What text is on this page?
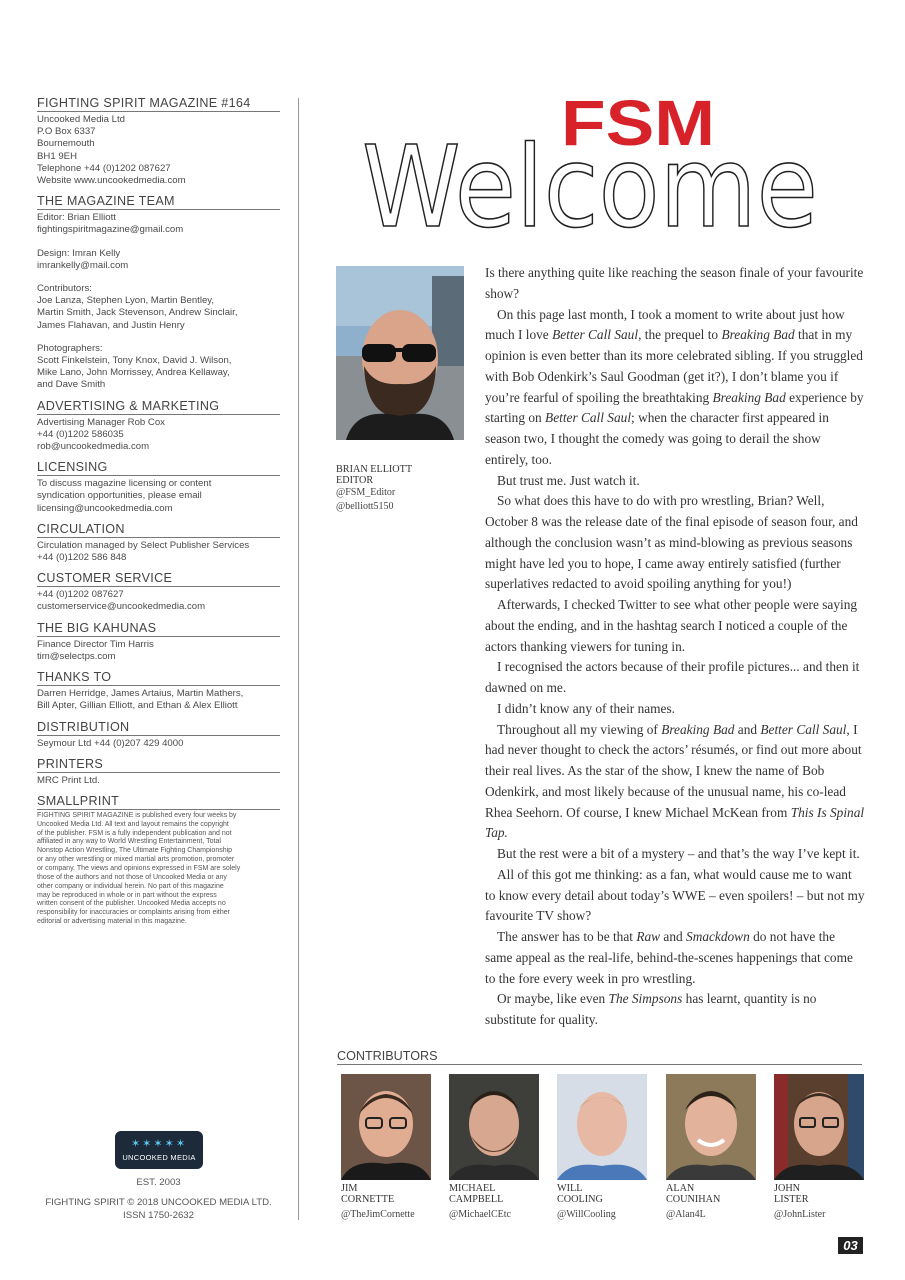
FIGHTING SPIRIT MAGAZINE #164
Uncooked Media Ltd
P.O Box 6337
Bournemouth
BH1 9EH
Telephone +44 (0)1202 087627
Website www.uncookedmedia.com
THE MAGAZINE TEAM
Editor: Brian Elliott
fightingspiritmagazine@gmail.com
Design: Imran Kelly
imrankelly@mail.com
Contributors:
Joe Lanza, Stephen Lyon, Martin Bentley,
Martin Smith, Jack Stevenson, Andrew Sinclair,
James Flahavan, and Justin Henry
Photographers:
Scott Finkelstein, Tony Knox, David J. Wilson,
Mike Lano, John Morrissey, Andrea Kellaway,
and Dave Smith
ADVERTISING & MARKETING
Advertising Manager Rob Cox
+44 (0)1202 586035
rob@uncookedmedia.com
LICENSING
To discuss magazine licensing or content
syndication opportunities, please email
licensing@uncookedmedia.com
CIRCULATION
Circulation managed by Select Publisher Services
+44 (0)1202 586 848
CUSTOMER SERVICE
+44 (0)1202 087627
customerservice@uncookedmedia.com
THE BIG KAHUNAS
Finance Director Tim Harris
tim@selectps.com
THANKS TO
Darren Herridge, James Artaius, Martin Mathers,
Bill Apter, Gillian Elliott, and Ethan & Alex Elliott
DISTRIBUTION
Seymour Ltd +44 (0)207 429 4000
PRINTERS
MRC Print Ltd.
SMALLPRINT
FIGHTING SPIRIT MAGAZINE is published every four weeks by
Uncooked Media Ltd. All text and layout remains the copyright
of the publisher. FSM is a fully independent publication and not
affiliated in any way to World Wrestling Entertainment, Total
Nonstop Action Wrestling, The Ultimate Fighting Championship
or any other wrestling or mixed martial arts promotion, promoter
or company. The views and opinions expressed in FSM are solely
those of the authors and not those of Uncooked Media or any
other company or individual herein. No part of this magazine
may be reproduced in whole or in part without the express
written consent of the publisher. Uncooked Media accepts no
responsibility for inaccuracies or complaints arising from either
editorial or advertising material in this magazine.
✶✶✶✶✶
UNCOOKED MEDIA
EST. 2003
FIGHTING SPIRIT © 2018 UNCOOKED MEDIA LTD.
ISSN 1750-2632
FSM
Welcome
BRIAN ELLIOTT
EDITOR
@FSM_Editor
@belliott5150

Is there anything quite like reaching the season finale of your favourite show?

On this page last month, I took a moment to write about just how much I love Better Call Saul, the prequel to Breaking Bad that in my opinion is even better than its more celebrated sibling. If you struggled with Bob Odenkirk’s Saul Goodman (get it?), I don’t blame you if you’re fearful of spoiling the breathtaking Breaking Bad experience by starting on Better Call Saul; when the character first appeared in season two, I thought the comedy was going to derail the show entirely, too.

But trust me. Just watch it.

So what does this have to do with pro wrestling, Brian? Well, October 8 was the release date of the final episode of season four, and although the conclusion wasn’t as mind-blowing as previous seasons might have led you to hope, I came away entirely satisfied (further superlatives redacted to avoid spoiling anything for you!)

Afterwards, I checked Twitter to see what other people were saying about the ending, and in the hashtag search I noticed a couple of the actors thanking viewers for tuning in.

I recognised the actors because of their profile pictures... and then it dawned on me.

I didn’t know any of their names.

Throughout all my viewing of Breaking Bad and Better Call Saul, I had never thought to check the actors’ résumés, or find out more about their real lives. As the star of the show, I knew the name of Bob Odenkirk, and most likely because of the unusual name, his co-lead Rhea Seehorn. Of course, I knew Michael McKean from This Is Spinal Tap.

But the rest were a bit of a mystery – and that’s the way I’ve kept it.

All of this got me thinking: as a fan, what would cause me to want to know every detail about today’s WWE – even spoilers! – but not my favourite TV show?

The answer has to be that Raw and Smackdown do not have the same appeal as the real-life, behind-the-scenes happenings that come to the fore every week in pro wrestling.

Or maybe, like even The Simpsons has learnt, quantity is no substitute for quality.

CONTRIBUTORS
JIM
CORNETTE
@TheJimCornette
MICHAEL
CAMPBELL
@MichaelCEtc
WILL
COOLING
@WillCooling
ALAN
COUNIHAN
@Alan4L
JOHN
LISTER
@JohnLister
03
